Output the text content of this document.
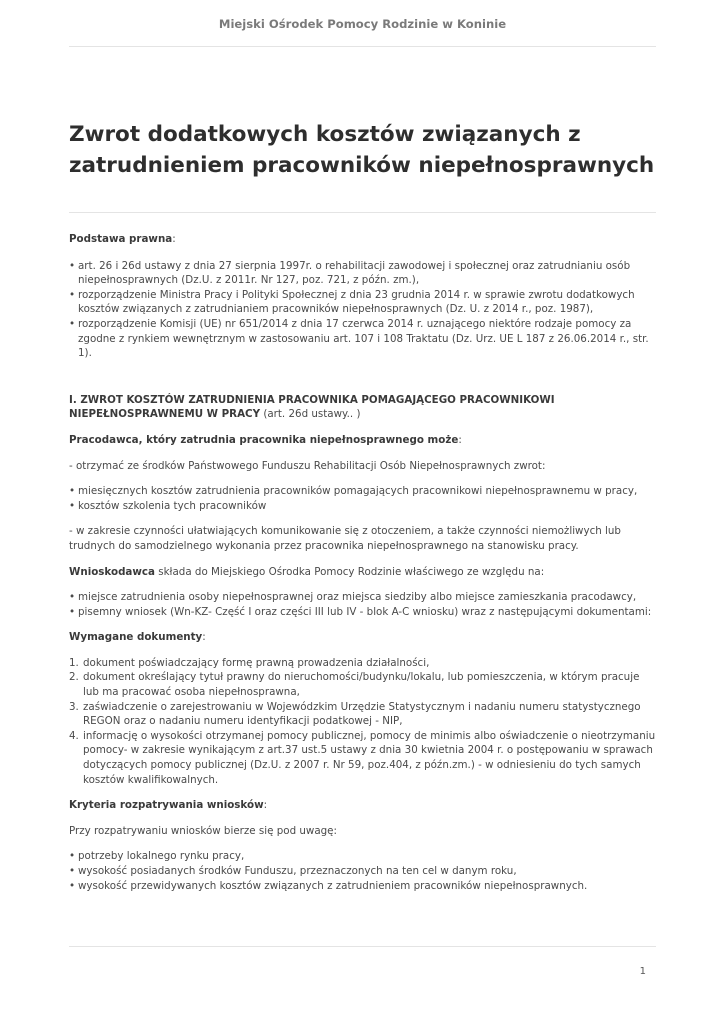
Miejski Ośrodek Pomocy Rodzinie w Koninie
Zwrot dodatkowych kosztów związanych z zatrudnieniem pracowników niepełnosprawnych

Podstawa prawna:

• art. 26 i 26d ustawy z dnia 27 sierpnia 1997r. o rehabilitacji zawodowej i społecznej oraz zatrudnianiu osób niepełnosprawnych (Dz.U. z 2011r. Nr 127, poz. 721, z późn. zm.),
• rozporządzenie Ministra Pracy i Polityki Społecznej z dnia 23 grudnia 2014 r. w sprawie zwrotu dodatkowych kosztów związanych z zatrudnianiem pracowników niepełnosprawnych (Dz. U. z 2014 r., poz. 1987),
• rozporządzenie Komisji (UE) nr 651/2014 z dnia 17 czerwca 2014 r. uznającego niektóre rodzaje pomocy za zgodne z rynkiem wewnętrznym w zastosowaniu art. 107 i 108 Traktatu (Dz. Urz. UE L 187 z 26.06.2014 r., str. 1).

I. ZWROT KOSZTÓW ZATRUDNIENIA PRACOWNIKA POMAGAJĄCEGO PRACOWNIKOWI NIEPEŁNOSPRAWNEMU W PRACY (art. 26d ustawy.. )

Pracodawca, który zatrudnia pracownika niepełnosprawnego może:

- otrzymać ze środków Państwowego Funduszu Rehabilitacji Osób Niepełnosprawnych zwrot:

• miesięcznych kosztów zatrudnienia pracowników pomagających pracownikowi niepełnosprawnemu w pracy,
• kosztów szkolenia tych pracowników

- w zakresie czynności ułatwiających komunikowanie się z otoczeniem, a także czynności niemożliwych lub trudnych do samodzielnego wykonania przez pracownika niepełnosprawnego na stanowisku pracy.

Wnioskodawca składa do Miejskiego Ośrodka Pomocy Rodzinie właściwego ze względu na:

• miejsce zatrudnienia osoby niepełnosprawnej oraz miejsca siedziby albo miejsce zamieszkania pracodawcy,
• pisemny wniosek (Wn-KZ- Część I oraz części III lub IV - blok A-C wniosku) wraz z następującymi dokumentami:

Wymagane dokumenty:

1. dokument poświadczający formę prawną prowadzenia działalności,
2. dokument określający tytuł prawny do nieruchomości/budynku/lokalu, lub pomieszczenia, w którym pracuje lub ma pracować osoba niepełnosprawna,
3. zaświadczenie o zarejestrowaniu w Wojewódzkim Urzędzie Statystycznym i nadaniu numeru statystycznego REGON oraz o nadaniu numeru identyfikacji podatkowej - NIP,
4. informację o wysokości otrzymanej pomocy publicznej, pomocy de minimis albo oświadczenie o nieotrzymaniu pomocy- w zakresie wynikającym z art.37 ust.5 ustawy z dnia 30 kwietnia 2004 r. o postępowaniu w sprawach dotyczących pomocy publicznej (Dz.U. z 2007 r. Nr 59, poz.404, z późn.zm.) - w odniesieniu do tych samych kosztów kwalifikowalnych.

Kryteria rozpatrywania wniosków:

Przy rozpatrywaniu wniosków bierze się pod uwagę:

• potrzeby lokalnego rynku pracy,
• wysokość posiadanych środków Funduszu, przeznaczonych na ten cel w danym roku,
• wysokość przewidywanych kosztów związanych z zatrudnieniem pracowników niepełnosprawnych.
1
